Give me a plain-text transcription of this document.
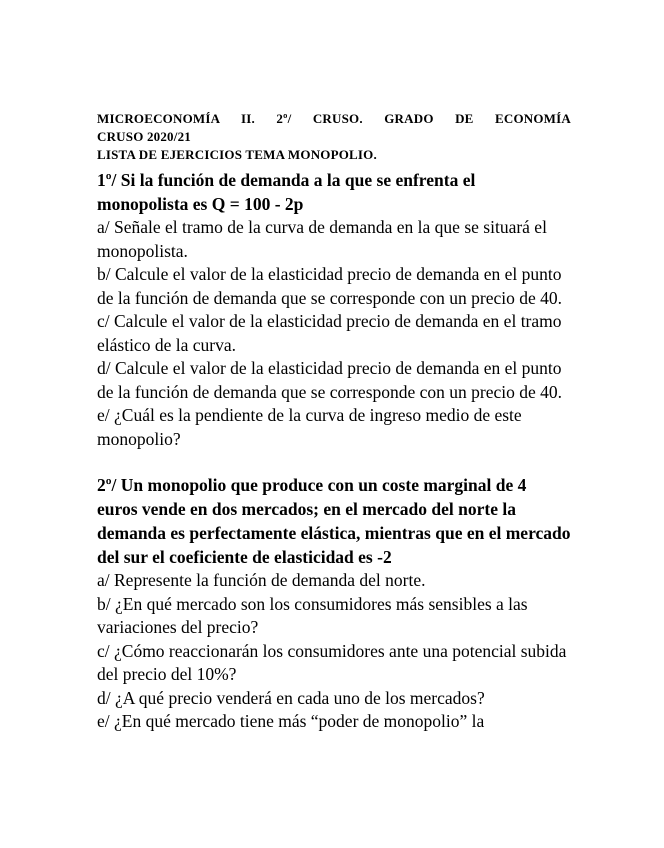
MICROECONOMÍA II. 2º/ CRUSO. GRADO DE ECONOMÍA
CRUSO 2020/21
LISTA DE EJERCICIOS TEMA MONOPOLIO.

1º/ Si la función de demanda a la que se enfrenta el monopolista es Q = 100 - 2p

a/ Señale el tramo de la curva de demanda en la que se situará el monopolista.

b/ Calcule el valor de la elasticidad precio de demanda en el punto de la función de demanda que se corresponde con un precio de 40.

c/ Calcule el valor de la elasticidad precio de demanda en el tramo elástico de la curva.

d/ Calcule el valor de la elasticidad precio de demanda en el punto de la función de demanda que se corresponde con un precio de 40.

e/ ¿Cuál es la pendiente de la curva de ingreso medio de este monopolio?

2º/ Un monopolio que produce con un coste marginal de 4 euros vende en dos mercados; en el mercado del norte la demanda es perfectamente elástica, mientras que en el mercado del sur el coeficiente de elasticidad es -2

a/ Represente la función de demanda del norte.

b/ ¿En qué mercado son los consumidores más sensibles a las variaciones del precio?

c/ ¿Cómo reaccionarán los consumidores ante una potencial subida del precio del 10%?

d/ ¿A qué precio venderá en cada uno de los mercados?

e/ ¿En qué mercado tiene más “poder de monopolio” la
